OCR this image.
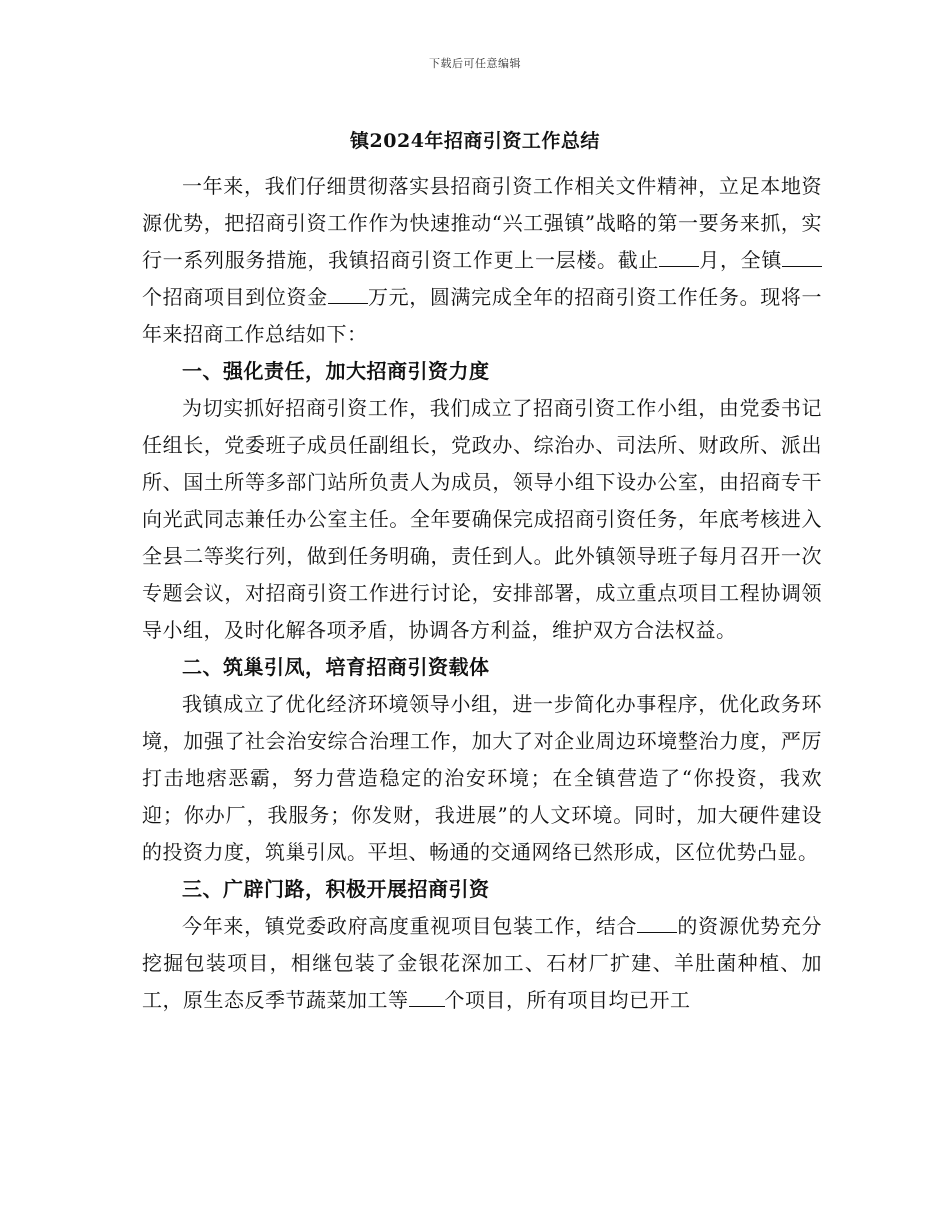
下载后可任意编辑
镇2024年招商引资工作总结

一年来，我们仔细贯彻落实县招商引资工作相关文件精神，立足本地资源优势，把招商引资工作作为快速推动“兴工强镇”战略的第一要务来抓，实行一系列服务措施，我镇招商引资工作更上一层楼。截止 月，全镇个招商项目到位资金 万元，圆满完成全年的招商引资工作任务。现将一年来招商工作总结如下：

一、强化责任，加大招商引资力度

为切实抓好招商引资工作，我们成立了招商引资工作小组，由党委书记任组长，党委班子成员任副组长，党政办、综治办、司法所、财政所、派出所、国土所等多部门站所负责人为成员，领导小组下设办公室，由招商专干向光武同志兼任办公室主任。全年要确保完成招商引资任务，年底考核进入全县二等奖行列，做到任务明确，责任到人。此外镇领导班子每月召开一次专题会议，对招商引资工作进行讨论，安排部署，成立重点项目工程协调领导小组，及时化解各项矛盾，协调各方利益，维护双方合法权益。

二、筑巢引凤，培育招商引资载体

我镇成立了优化经济环境领导小组，进一步简化办事程序，优化政务环境，加强了社会治安综合治理工作，加大了对企业周边环境整治力度，严厉打击地痞恶霸，努力营造稳定的治安环境；在全镇营造了“你投资，我欢迎；你办厂，我服务；你发财，我进展”的人文环境。同时，加大硬件建设的投资力度，筑巢引凤。平坦、畅通的交通网络已然形成，区位优势凸显。

三、广辟门路，积极开展招商引资

今年来，镇党委政府高度重视项目包装工作，结合 的资源优势充分挖掘包装项目，相继包装了金银花深加工、石材厂扩建、羊肚菌种植、加工，原生态反季节蔬菜加工等 个项目，所有项目均已开工
